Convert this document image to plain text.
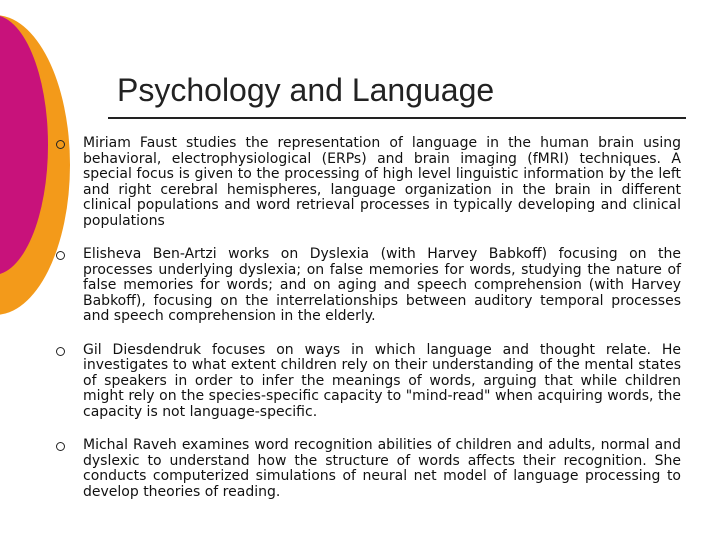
Psychology and Language
Miriam Faust studies the representation of language in the human brain using behavioral, electrophysiological (ERPs) and brain imaging (fMRI) techniques. A special focus is given to the processing of high level linguistic information by the left and right cerebral hemispheres, language organization in the brain in different clinical populations and word retrieval processes in typically developing and clinical populations
Elisheva Ben-Artzi works on Dyslexia (with Harvey Babkoff) focusing on the processes underlying dyslexia; on false memories for words, studying the nature of false memories for words; and on aging and speech comprehension (with Harvey Babkoff), focusing on the interrelationships between auditory temporal processes and speech comprehension in the elderly.
Gil Diesdendruk focuses on ways in which language and thought relate. He investigates to what extent children rely on their understanding of the mental states of speakers in order to infer the meanings of words, arguing that while children might rely on the species-specific capacity to "mind-read" when acquiring words, the capacity is not language-specific.
Michal Raveh examines word recognition abilities of children and adults, normal and dyslexic to understand how the structure of words affects their recognition. She conducts computerized simulations of neural net model of language processing to develop theories of reading.
